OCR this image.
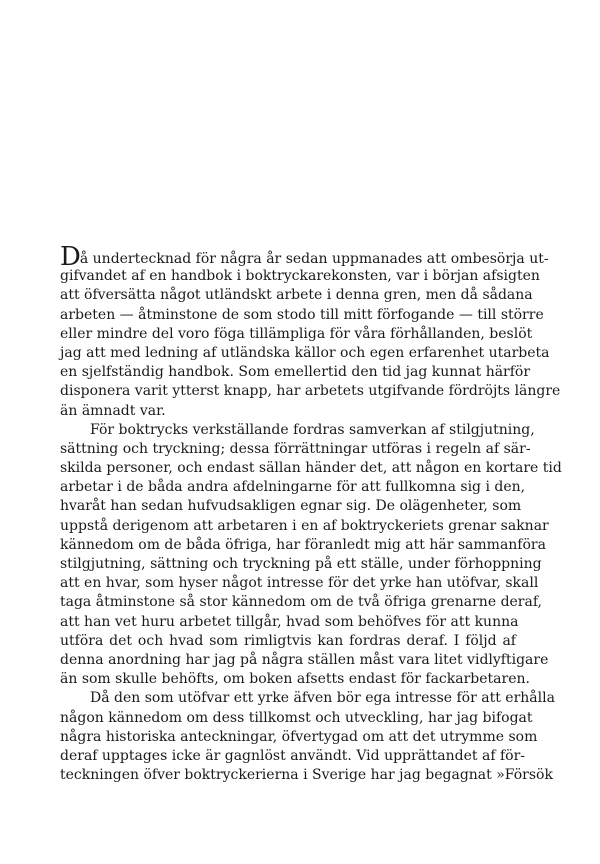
Då undertecknad för några år sedan uppmanades att ombesörja ut-
gifvandet af en handbok i boktryckarekonsten, var i början afsigten
att öfversätta något utländskt arbete i denna gren, men då sådana
arbeten — åtminstone de som stodo till mitt förfogande — till större
eller mindre del voro föga tillämpliga för våra förhållanden, beslöt
jag att med ledning af utländska källor och egen erfarenhet utarbeta
en sjelfständig handbok. Som emellertid den tid jag kunnat härför
disponera varit ytterst knapp, har arbetets utgifvande fördröjts längre
än ämnadt var.
För boktrycks verkställande fordras samverkan af stilgjutning,
sättning och tryckning; dessa förrättningar utföras i regeln af sär-
skilda personer, och endast sällan händer det, att någon en kortare tid
arbetar i de båda andra afdelningarne för att fullkomna sig i den,
hvaråt han sedan hufvudsakligen egnar sig. De olägenheter, som
uppstå derigenom att arbetaren i en af boktryckeriets grenar saknar
kännedom om de båda öfriga, har föranledt mig att här sammanföra
stilgjutning, sättning och tryckning på ett ställe, under förhoppning
att en hvar, som hyser något intresse för det yrke han utöfvar, skall
taga åtminstone så stor kännedom om de två öfriga grenarne deraf,
att han vet huru arbetet tillgår, hvad som behöfves för att kunna
utföra det och hvad som rimligtvis kan fordras deraf. I följd af
denna anordning har jag på några ställen måst vara litet vidlyftigare
än som skulle behöfts, om boken afsetts endast för fackarbetaren.
Då den som utöfvar ett yrke äfven bör ega intresse för att erhålla
någon kännedom om dess tillkomst och utveckling, har jag bifogat
några historiska anteckningar, öfvertygad om att det utrymme som
deraf upptages icke är gagnlöst användt. Vid upprättandet af för-
teckningen öfver boktryckerierna i Sverige har jag begagnat »Försök
